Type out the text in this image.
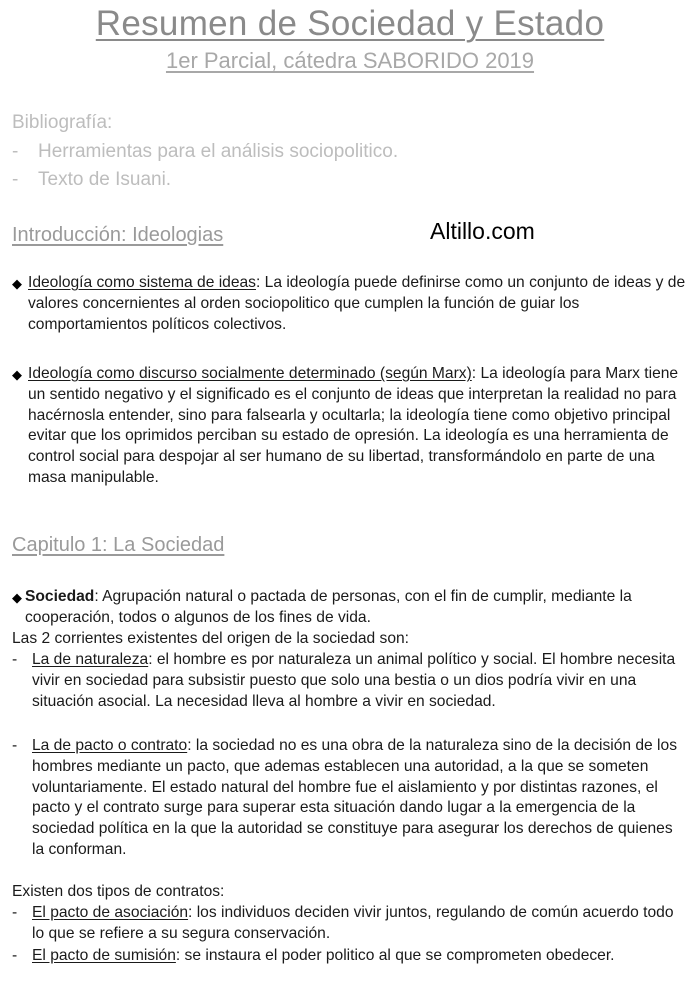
Resumen de Sociedad y Estado
1er Parcial, cátedra SABORIDO 2019
Bibliografía:
- Herramientas para el análisis sociopolitico.
- Texto de Isuani.
Introducción: Ideologias	Altillo.com
◆ Ideología como sistema de ideas: La ideología puede definirse como un conjunto de ideas y de valores concernientes al orden sociopolitico que cumplen la función de guiar los comportamientos políticos colectivos.
◆ Ideología como discurso socialmente determinado (según Marx): La ideología para Marx tiene un sentido negativo y el significado es el conjunto de ideas que interpretan la realidad no para hacérnosla entender, sino para falsearla y ocultarla; la ideología tiene como objetivo principal evitar que los oprimidos perciban su estado de opresión. La ideología es una herramienta de control social para despojar al ser humano de su libertad, transformándolo en parte de una masa manipulable.
Capitulo 1: La Sociedad
◆ Sociedad: Agrupación natural o pactada de personas, con el fin de cumplir, mediante la cooperación, todos o algunos de los fines de vida.
Las 2 corrientes existentes del origen de la sociedad son:
- La de naturaleza: el hombre es por naturaleza un animal político y social. El hombre necesita vivir en sociedad para subsistir puesto que solo una bestia o un dios podría vivir en una situación asocial. La necesidad lleva al hombre a vivir en sociedad.
- La de pacto o contrato: la sociedad no es una obra de la naturaleza sino de la decisión de los hombres mediante un pacto, que ademas establecen una autoridad, a la que se someten voluntariamente. El estado natural del hombre fue el aislamiento y por distintas razones, el pacto y el contrato surge para superar esta situación dando lugar a la emergencia de la sociedad política en la que la autoridad se constituye para asegurar los derechos de quienes la conforman.
Existen dos tipos de contratos:
- El pacto de asociación: los individuos deciden vivir juntos, regulando de común acuerdo todo lo que se refiere a su segura conservación.
- El pacto de sumisión: se instaura el poder politico al que se comprometen obedecer.
